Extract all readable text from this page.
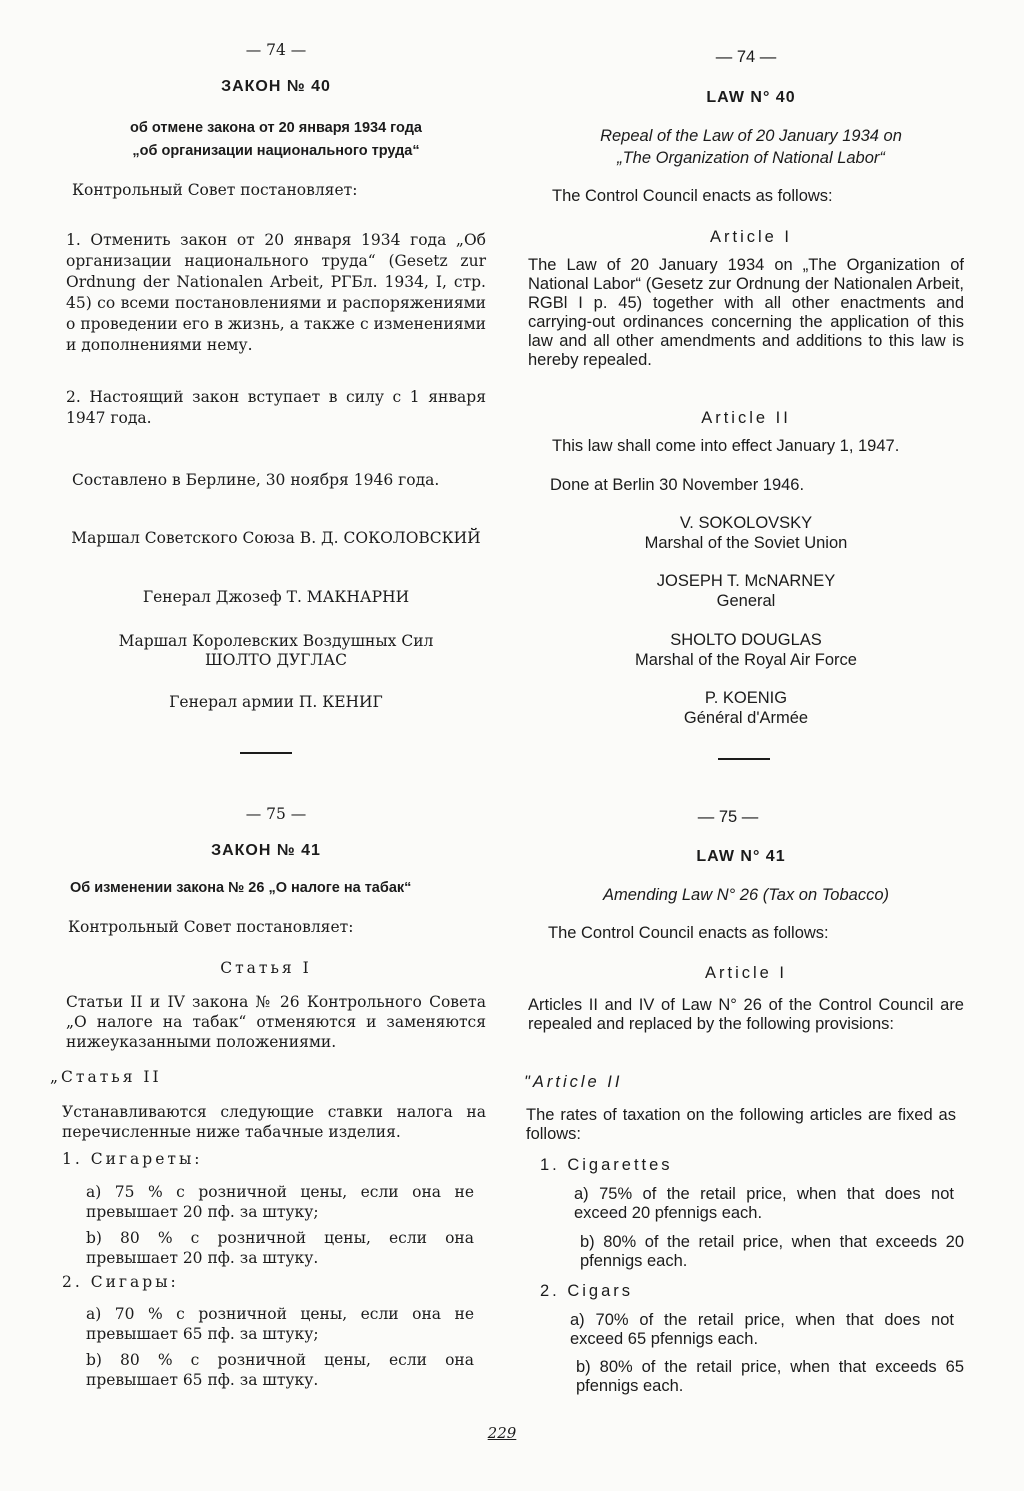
— 74 —
ЗАКОН № 40
об отмене закона от 20 января 1934 года
„об организации национального труда“
Контрольный Совет постановляет:
1. Отменить закон от 20 января 1934 года „Об организации национального труда“ (Gesetz zur Ordnung der Nationalen Arbeit, РГБл. 1934, I, стр. 45) со всеми постановлениями и распоряжениями о проведении его в жизнь, а также с изменениями и дополнениями нему.
2. Настоящий закон вступает в силу с 1 января 1947 года.
Составлено в Берлине, 30 ноября 1946 года.
Маршал Советского Союза В. Д. СОКОЛОВСКИЙ
Генерал Джозеф Т. МАКНАРНИ
Маршал Королевских Воздушных Сил
ШОЛТО ДУГЛАС
Генерал армии П. КЕНИГ
— 75 —
ЗАКОН № 41
Об изменении закона № 26 „О налоге на табак“
Контрольный Совет постановляет:
Статья I
Статьи II и IV закона № 26 Контрольного Совета „О налоге на табак“ отменяются и заменяются нижеуказанными положениями.
„Статья II
Устанавливаются следующие ставки налога на перечисленные ниже табачные изделия.
1. Сигареты:
a) 75 % с розничной цены, если она не превышает 20 пф. за штуку;
b) 80 % с розничной цены, если она превышает 20 пф. за штуку.
2. Сигары:
a) 70 % с розничной цены, если она не превышает 65 пф. за штуку;
b) 80 % с розничной цены, если она превышает 65 пф. за штуку.
— 74 —
LAW N° 40
Repeal of the Law of 20 January 1934 on
„The Organization of National Labor“
The Control Council enacts as follows:
Article I
The Law of 20 January 1934 on „The Organization of National Labor“ (Gesetz zur Ordnung der Nationalen Arbeit, RGBl I p. 45) together with all other enactments and carrying-out ordinances concerning the application of this law and all other amendments and additions to this law is hereby repealed.
Article II
This law shall come into effect January 1, 1947.
Done at Berlin 30 November 1946.
V. SOKOLOVSKY
Marshal of the Soviet Union
JOSEPH T. McNARNEY
General
SHOLTO DOUGLAS
Marshal of the Royal Air Force
P. KOENIG
Général d'Armée
— 75 —
LAW N° 41
Amending Law N° 26 (Tax on Tobacco)
The Control Council enacts as follows:
Article I
Articles II and IV of Law N° 26 of the Control Council are repealed and replaced by the following provisions:
"Article II
The rates of taxation on the following articles are fixed as follows:
1. Cigarettes
a) 75% of the retail price, when that does not exceed 20 pfennigs each.
b) 80% of the retail price, when that exceeds 20 pfennigs each.
2. Cigars
a) 70% of the retail price, when that does not exceed 65 pfennigs each.
b) 80% of the retail price, when that exceeds 65 pfennigs each.
229
